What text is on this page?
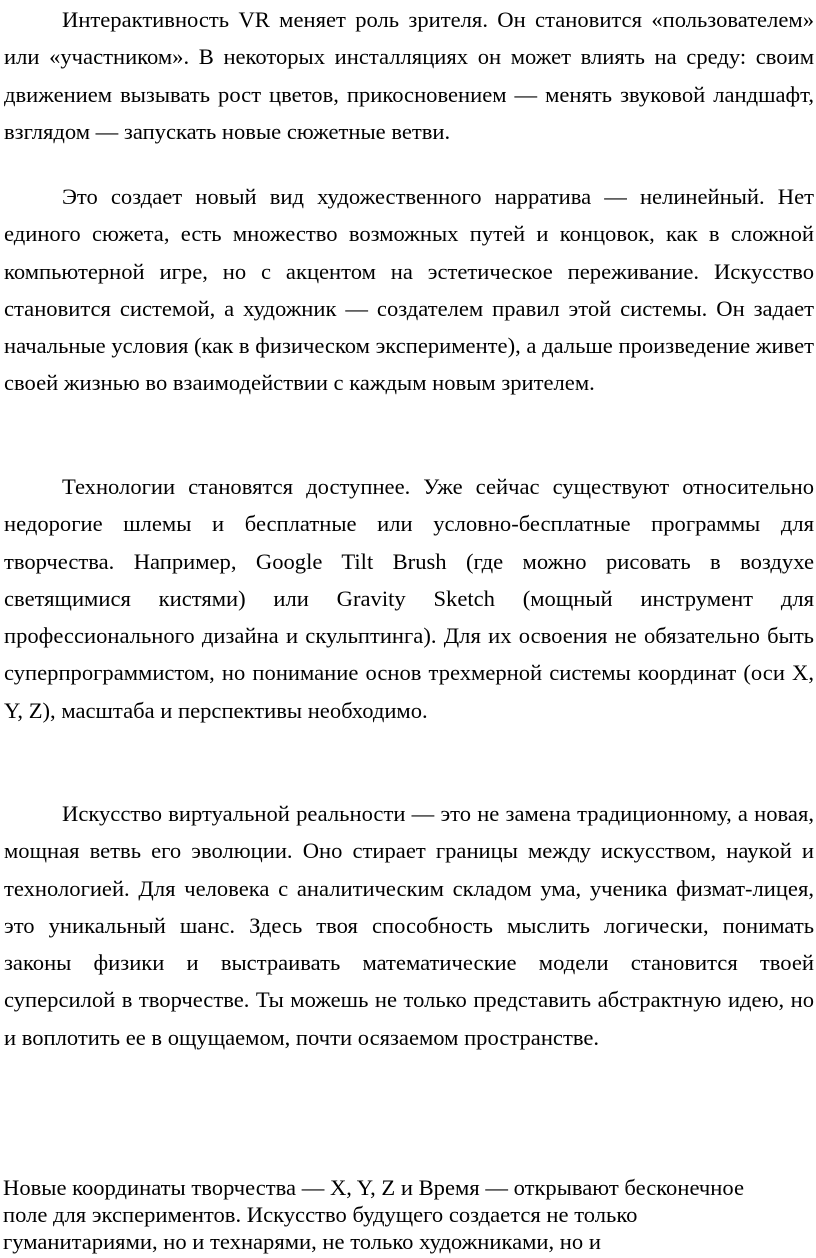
Интерактивность VR меняет роль зрителя. Он становится «пользователем» или «участником». В некоторых инсталляциях он может влиять на среду: своим движением вызывать рост цветов, прикосновением — менять звуковой ландшафт, взглядом — запускать новые сюжетные ветви.

Это создает новый вид художественного нарратива — нелинейный. Нет единого сюжета, есть множество возможных путей и концовок, как в сложной компьютерной игре, но с акцентом на эстетическое переживание. Искусство становится системой, а художник — создателем правил этой системы. Он задает начальные условия (как в физическом эксперименте), а дальше произведение живет своей жизнью во взаимодействии с каждым новым зрителем.

Технологии становятся доступнее. Уже сейчас существуют относительно недорогие шлемы и бесплатные или условно-бесплатные программы для творчества. Например, Google Tilt Brush (где можно рисовать в воздухе светящимися кистями) или Gravity Sketch (мощный инструмент для профессионального дизайна и скульптинга). Для их освоения не обязательно быть суперпрограммистом, но понимание основ трехмерной системы координат (оси X, Y, Z), масштаба и перспективы необходимо.

Искусство виртуальной реальности — это не замена традиционному, а новая, мощная ветвь его эволюции. Оно стирает границы между искусством, наукой и технологией. Для человека с аналитическим складом ума, ученика физмат-лицея, это уникальный шанс. Здесь твоя способность мыслить логически, понимать законы физики и выстраивать математические модели становится твоей суперсилой в творчестве. Ты можешь не только представить абстрактную идею, но и воплотить ее в ощущаемом, почти осязаемом пространстве.

Новые координаты творчества — X, Y, Z и Время — открывают бесконечное
поле для экспериментов. Искусство будущего создается не только
гуманитариями, но и технарями, не только художниками, но и
